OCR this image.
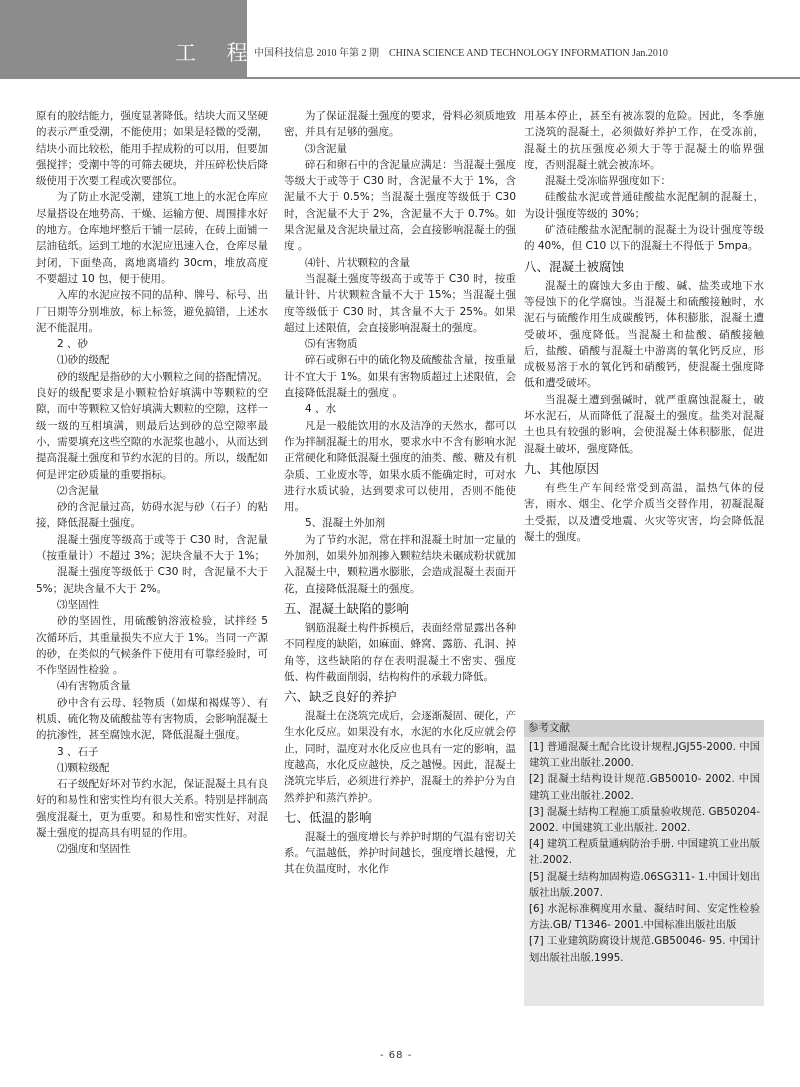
工 程
中国科技信息 2010 年第 2 期　CHINA SCIENCE AND TECHNOLOGY INFORMATION Jan.2010

原有的胶结能力，强度显著降低。结块大而又坚硬的表示严重受潮，不能使用；如果是轻微的受潮，结块小而比较松，能用手捏成粉的可以用，但要加强搅拌；受潮中等的可筛去硬块，并压碎松快后降级使用于次要工程或次要部位。

为了防止水泥受潮，建筑工地上的水泥仓库应尽量搭设在地势高、干燥、运输方便、周围排水好的地方。仓库地坪整后干铺一层砖，在砖上面铺一层油毡纸。运到工地的水泥应迅速入仓，仓库尽量封闭，下面垫高，离地离墙约 30cm，堆放高度不要超过 10 包，便于使用。

入库的水泥应按不同的品种、牌号、标号、出厂日期等分别堆放，标上标签，避免搞错，上述水泥不能混用。

2 、砂

⑴砂的级配

砂的级配是指砂的大小颗粒之间的搭配情况。良好的级配要求是小颗粒恰好填满中等颗粒的空隙，而中等颗粒又恰好填满大颗粒的空隙，这样一级一级的互相填满，则最后达到砂的总空隙率最小，需要填充这些空隙的水泥浆也越小，从而达到提高混凝土强度和节约水泥的目的。所以，级配如何是评定砂质量的重要指标。

⑵含泥量

砂的含泥量过高，妨碍水泥与砂（石子）的粘接，降低混凝土强度。

混凝土强度等级高于或等于 C30 时，含泥量（按重量计）不超过 3%；泥块含量不大于 1%；

混凝土强度等级低于 C30 时，含泥量不大于 5%；泥块含量不大于 2%。

⑶坚固性

砂的坚固性，用硫酸钠溶液检验，试拌经 5 次循环后，其重量损失不应大于 1%。当同一产源的砂，在类似的气候条件下使用有可靠经验时，可不作坚固性检验 。

⑷有害物质含量

砂中含有云母、轻物质（如煤和褐煤等）、有机质、硫化物及硫酸盐等有害物质，会影响混凝土的抗渗性，甚至腐蚀水泥，降低混凝土强度。

3 、石子

⑴颗粒级配

石子级配好坏对节约水泥，保证混凝土具有良好的和易性和密实性均有很大关系。特别是拌制高强度混凝土，更为重要。和易性和密实性好，对混凝土强度的提高具有明显的作用。

⑵强度和坚固性

为了保证混凝土强度的要求，骨料必须质地致密，并具有足够的强度。

⑶含泥量

碎石和卵石中的含泥量应满足：当混凝土强度等级大于或等于 C30 时，含泥量不大于 1%，含泥量不大于 0.5%；当混凝土强度等级低于 C30 时，含泥量不大于 2%，含泥量不大于 0.7%。如果含泥量及含泥块量过高，会直接影响混凝土的强度 。

⑷针、片状颗粒的含量

当混凝土强度等级高于或等于 C30 时，按重量计针、片状颗粒含量不大于 15%；当混凝土强度等级低于 C30 时，其含量不大于 25%。如果超过上述限值，会直接影响混凝土的强度。

⑸有害物质

碎石或卵石中的硫化物及硫酸盐含量，按重量计不宜大于 1%。如果有害物质超过上述限值，会直接降低混凝土的强度 。

4 、水

凡是一般能饮用的水及洁净的天然水，都可以作为拌制混凝土的用水，要求水中不含有影响水泥正常硬化和降低混凝土强度的油类、酸、糖及有机杂质、工业废水等，如果水质不能确定时，可对水进行水质试验，达到要求可以使用，否则不能使用。

5、混凝土外加剂

为了节约水泥，常在拌和混凝土时加一定量的外加剂，如果外加剂掺入颗粒结块未碾成粉状就加入混凝土中，颗粒遇水膨胀，会造成混凝土表面开花，直接降低混凝土的强度。

五、混凝土缺陷的影响

钢筋混凝土构件拆模后，表面经常显露出各种不同程度的缺陷，如麻面、蜂窝、露筋、孔洞、掉角等，这些缺陷的存在表明混凝土不密实、强度低、构件截面削弱，结构构件的承载力降低。

六、缺乏良好的养护

混凝土在浇筑完成后，会逐渐凝固、硬化，产生水化反应。如果没有水，水泥的水化反应就会停止，同时，温度对水化反应也具有一定的影响，温度越高，水化反应越快，反之越慢。因此，混凝土浇筑完毕后，必须进行养护，混凝土的养护分为自然养护和蒸汽养护。

七、低温的影响

混凝土的强度增长与养护时期的气温有密切关系。气温越低，养护时间越长，强度增长越慢，尤其在负温度时，水化作

用基本停止，甚至有被冻裂的危险。因此，冬季施工浇筑的混凝土，必须做好养护工作，在受冻前，混凝土的抗压强度必须大于等于混凝土的临界强度，否则混凝土就会被冻坏。

混凝土受冻临界强度如下：

硅酸盐水泥或普通硅酸盐水泥配制的混凝土，为设计强度等级的 30%；

矿渣硅酸盐水泥配制的混凝土为设计强度等级的 40%，但 C10 以下的混凝土不得低于 5mpa。

八、混凝土被腐蚀

混凝土的腐蚀大多由于酸、碱、盐类或地下水等侵蚀下的化学腐蚀。当混凝土和硫酸接触时，水泥石与硫酸作用生成碳酸钙，体积膨胀，混凝土遭受破坏，强度降低。当混凝土和盐酸、硝酸接触后，盐酸、硝酸与混凝土中游离的氧化钙反应，形成极易溶于水的氧化钙和硝酸钙，使混凝土强度降低和遭受破坏。

当混凝土遭到强碱时，就严重腐蚀混凝土，破坏水泥石，从而降低了混凝土的强度。盐类对混凝土也具有较强的影响，会使混凝土体积膨胀，促进混凝土破坏，强度降低。

九、其他原因

有些生产车间经常受到高温，温热气体的侵害，雨水、烟尘、化学介质当交替作用，初凝混凝土受振，以及遭受地震、火灾等灾害，均会降低混凝土的强度。

参考文献
[1] 普通混凝土配合比设计规程,JGJ55-2000. 中国建筑工业出版社.2000.
[2] 混凝土结构设计规范.GB50010- 2002. 中国建筑工业出版社.2002.
[3] 混凝土结构工程施工质量验收规范. GB50204- 2002. 中国建筑工业出版社. 2002.
[4] 建筑工程质量通病防治手册. 中国建筑工业出版社.2002.
[5] 混凝土结构加固构造.06SG311- 1.中国计划出版社出版.2007.
[6] 水泥标准稠度用水量、凝结时间、安定性检验方法.GB/ T1346- 2001.中国标准出版社出版
[7] 工业建筑防腐设计规范.GB50046- 95. 中国计划出版社出版.1995.
- 68 -
